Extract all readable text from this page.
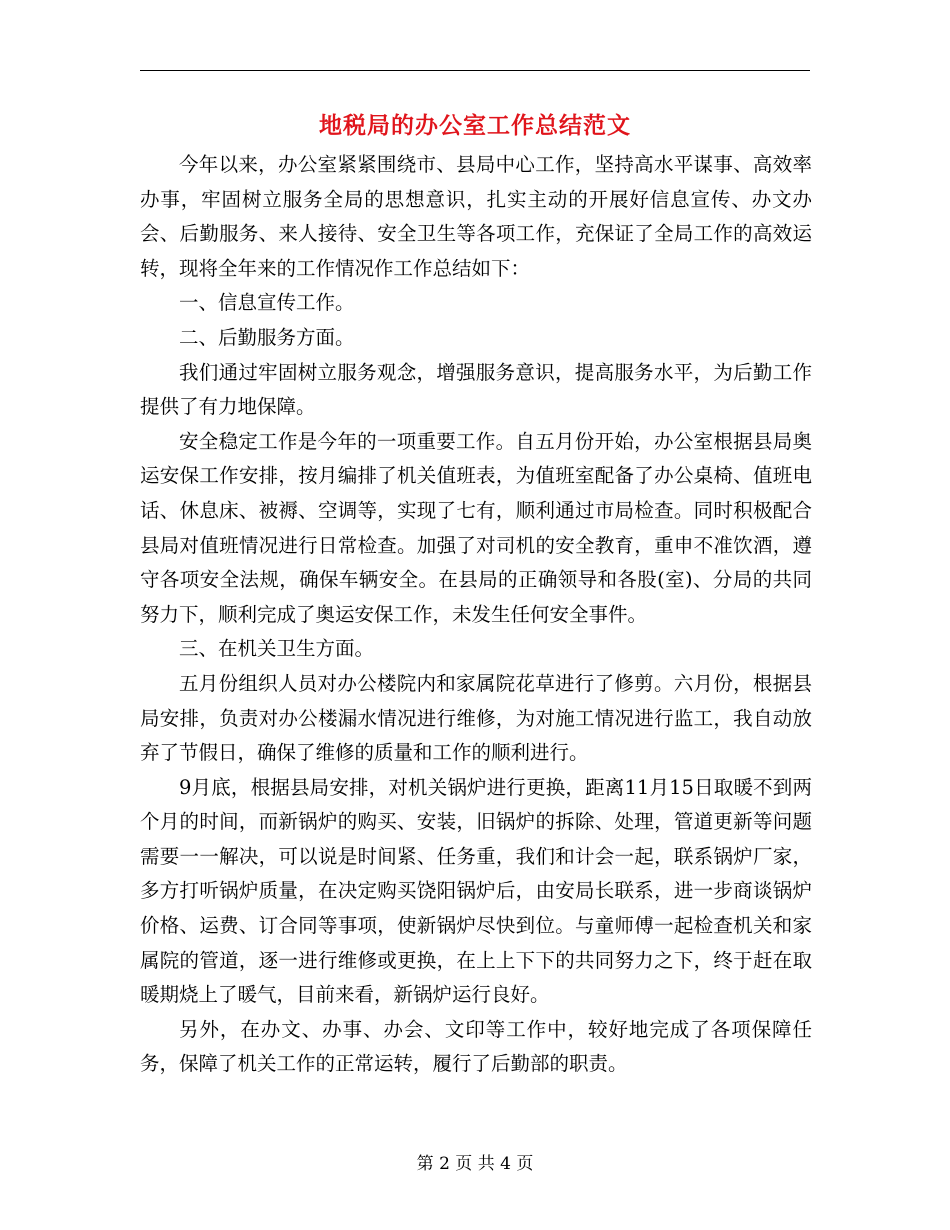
地税局的办公室工作总结范文

今年以来，办公室紧紧围绕市、县局中心工作，坚持高水平谋事、高效率办事，牢固树立服务全局的思想意识，扎实主动的开展好信息宣传、办文办会、后勤服务、来人接待、安全卫生等各项工作，充保证了全局工作的高效运转，现将全年来的工作情况作工作总结如下：

一、信息宣传工作。

二、后勤服务方面。

我们通过牢固树立服务观念，增强服务意识，提高服务水平，为后勤工作提供了有力地保障。

安全稳定工作是今年的一项重要工作。自五月份开始，办公室根据县局奥运安保工作安排，按月编排了机关值班表，为值班室配备了办公桌椅、值班电话、休息床、被褥、空调等，实现了七有，顺利通过市局检查。同时积极配合县局对值班情况进行日常检查。加强了对司机的安全教育，重申不准饮酒，遵守各项安全法规，确保车辆安全。在县局的正确领导和各股(室)、分局的共同努力下，顺利完成了奥运安保工作，未发生任何安全事件。

三、在机关卫生方面。

五月份组织人员对办公楼院内和家属院花草进行了修剪。六月份，根据县局安排，负责对办公楼漏水情况进行维修，为对施工情况进行监工，我自动放弃了节假日，确保了维修的质量和工作的顺利进行。

9月底，根据县局安排，对机关锅炉进行更换，距离11月15日取暖不到两个月的时间，而新锅炉的购买、安装，旧锅炉的拆除、处理，管道更新等问题需要一一解决，可以说是时间紧、任务重，我们和计会一起，联系锅炉厂家，多方打听锅炉质量，在决定购买饶阳锅炉后，由安局长联系，进一步商谈锅炉价格、运费、订合同等事项，使新锅炉尽快到位。与童师傅一起检查机关和家属院的管道，逐一进行维修或更换，在上上下下的共同努力之下，终于赶在取暖期烧上了暖气，目前来看，新锅炉运行良好。

另外，在办文、办事、办会、文印等工作中，较好地完成了各项保障任务，保障了机关工作的正常运转，履行了后勤部的职责。

第 2 页 共 4 页
